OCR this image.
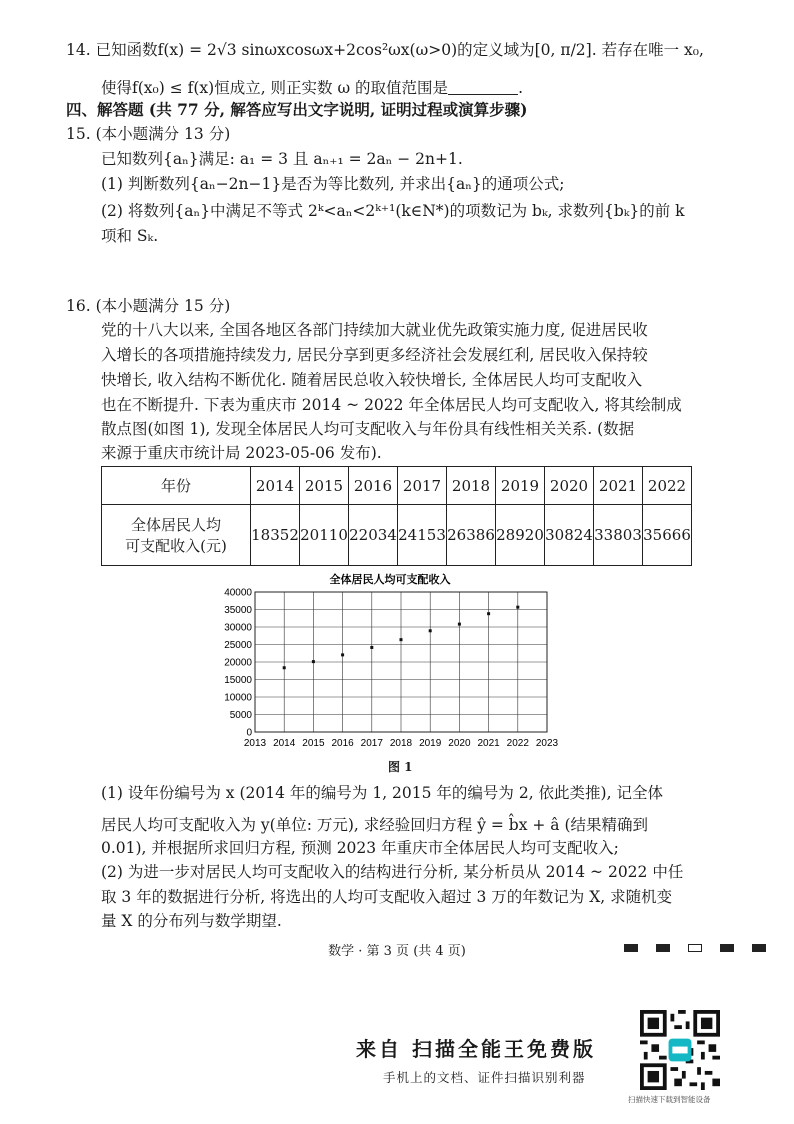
14. 已知函数f(x) = 2√3 sinωxcosωx+2cos²ωx(ω>0)的定义域为[0, π/2]. 若存在唯一 x₀,
使得f(x₀) ≤ f(x)恒成立, 则正实数 ω 的取值范围是	.
四、解答题 (共 77 分, 解答应写出文字说明, 证明过程或演算步骤)
15. (本小题满分 13 分)
已知数列{aₙ}满足: a₁ = 3 且 aₙ₊₁ = 2aₙ − 2n+1.
(1) 判断数列{aₙ−2n−1}是否为等比数列, 并求出{aₙ}的通项公式;
(2) 将数列{aₙ}中满足不等式 2ᵏ<aₙ<2ᵏ⁺¹(k∈N*)的项数记为 bₖ, 求数列{bₖ}的前 k
项和 Sₖ.
16. (本小题满分 15 分)
党的十八大以来, 全国各地区各部门持续加大就业优先政策实施力度, 促进居民收
入增长的各项措施持续发力, 居民分享到更多经济社会发展红利, 居民收入保持较
快增长, 收入结构不断优化. 随着居民总收入较快增长, 全体居民人均可支配收入
也在不断提升. 下表为重庆市 2014 ~ 2022 年全体居民人均可支配收入, 将其绘制成
散点图(如图 1), 发现全体居民人均可支配收入与年份具有线性相关关系. (数据
来源于重庆市统计局 2023-05-06 发布).
年份	2014	2015	2016	2017	2018	2019	2020	2021	2022

全体居民人均
可支配收入(元)	18352	20110	22034	24153	26386	28920	30824	33803	35666
全体居民人均可支配收入
0
5000
10000
15000
20000
25000
30000
35000
40000
2013 2014 2015 2016 2017 2018 2019 2020 2021 2022 2023
图 1
(1) 设年份编号为 x (2014 年的编号为 1, 2015 年的编号为 2, 依此类推), 记全体
居民人均可支配收入为 y(单位: 万元), 求经验回归方程 ŷ = b̂x + â (结果精确到
0.01), 并根据所求回归方程, 预测 2023 年重庆市全体居民人均可支配收入;
(2) 为进一步对居民人均可支配收入的结构进行分析, 某分析员从 2014 ~ 2022 中任
取 3 年的数据进行分析, 将选出的人均可支配收入超过 3 万的年数记为 X, 求随机变
量 X 的分布列与数学期望.
数学 · 第 3 页 (共 4 页)
来自 扫描全能王免费版
手机上的文档、证件扫描识别利器
扫描快速下载到智能设备
